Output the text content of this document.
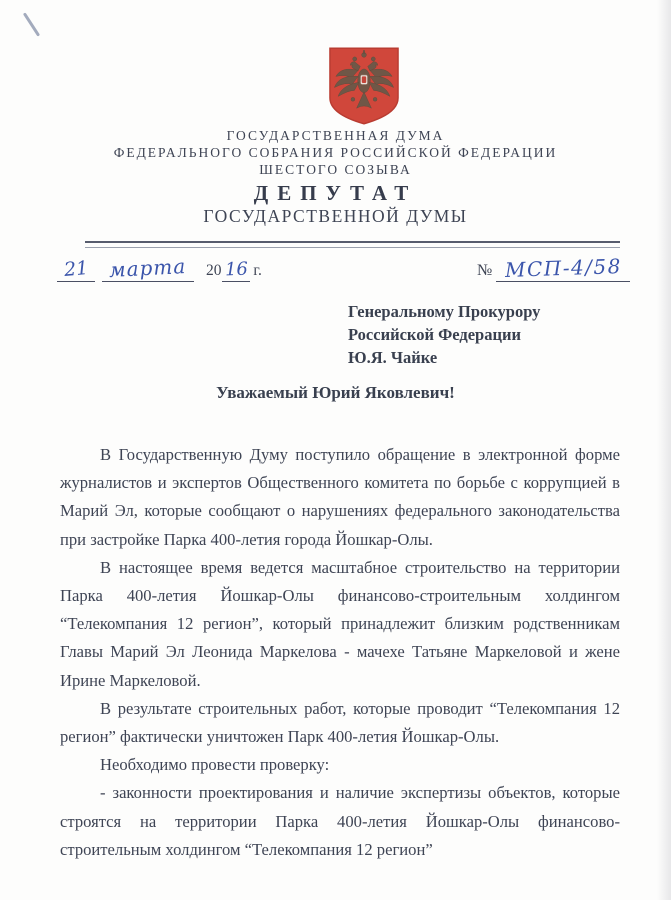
ГОСУДАРСТВЕННАЯ ДУМА
ФЕДЕРАЛЬНОГО СОБРАНИЯ РОССИЙСКОЙ ФЕДЕРАЦИИ
ШЕСТОГО СОЗЫВА
ДЕПУТАТ
ГОСУДАРСТВЕННОЙ ДУМЫ
21 марта	20 16 г.	№ МСП-4/58
Генеральному Прокурору
Российской Федерации
Ю.Я. Чайке
Уважаемый Юрий Яковлевич!

В Государственную Думу поступило обращение в электронной форме журналистов и экспертов Общественного комитета по борьбе с коррупцией в Марий Эл, которые сообщают о нарушениях федерального законодательства при застройке Парка 400-летия города Йошкар-Олы.

В настоящее время ведется масштабное строительство на территории Парка 400-летия Йошкар-Олы финансово-строительным холдингом “Телекомпания 12 регион”, который принадлежит близким родственникам Главы Марий Эл Леонида Маркелова - мачехе Татьяне Маркеловой и жене Ирине Маркеловой.

В результате строительных работ, которые проводит “Телекомпания 12 регион” фактически уничтожен Парк 400-летия Йошкар-Олы.

Необходимо провести проверку:

- законности проектирования и наличие экспертизы объектов, которые строятся на территории Парка 400-летия Йошкар-Олы финансово-строительным холдингом “Телекомпания 12 регион”
